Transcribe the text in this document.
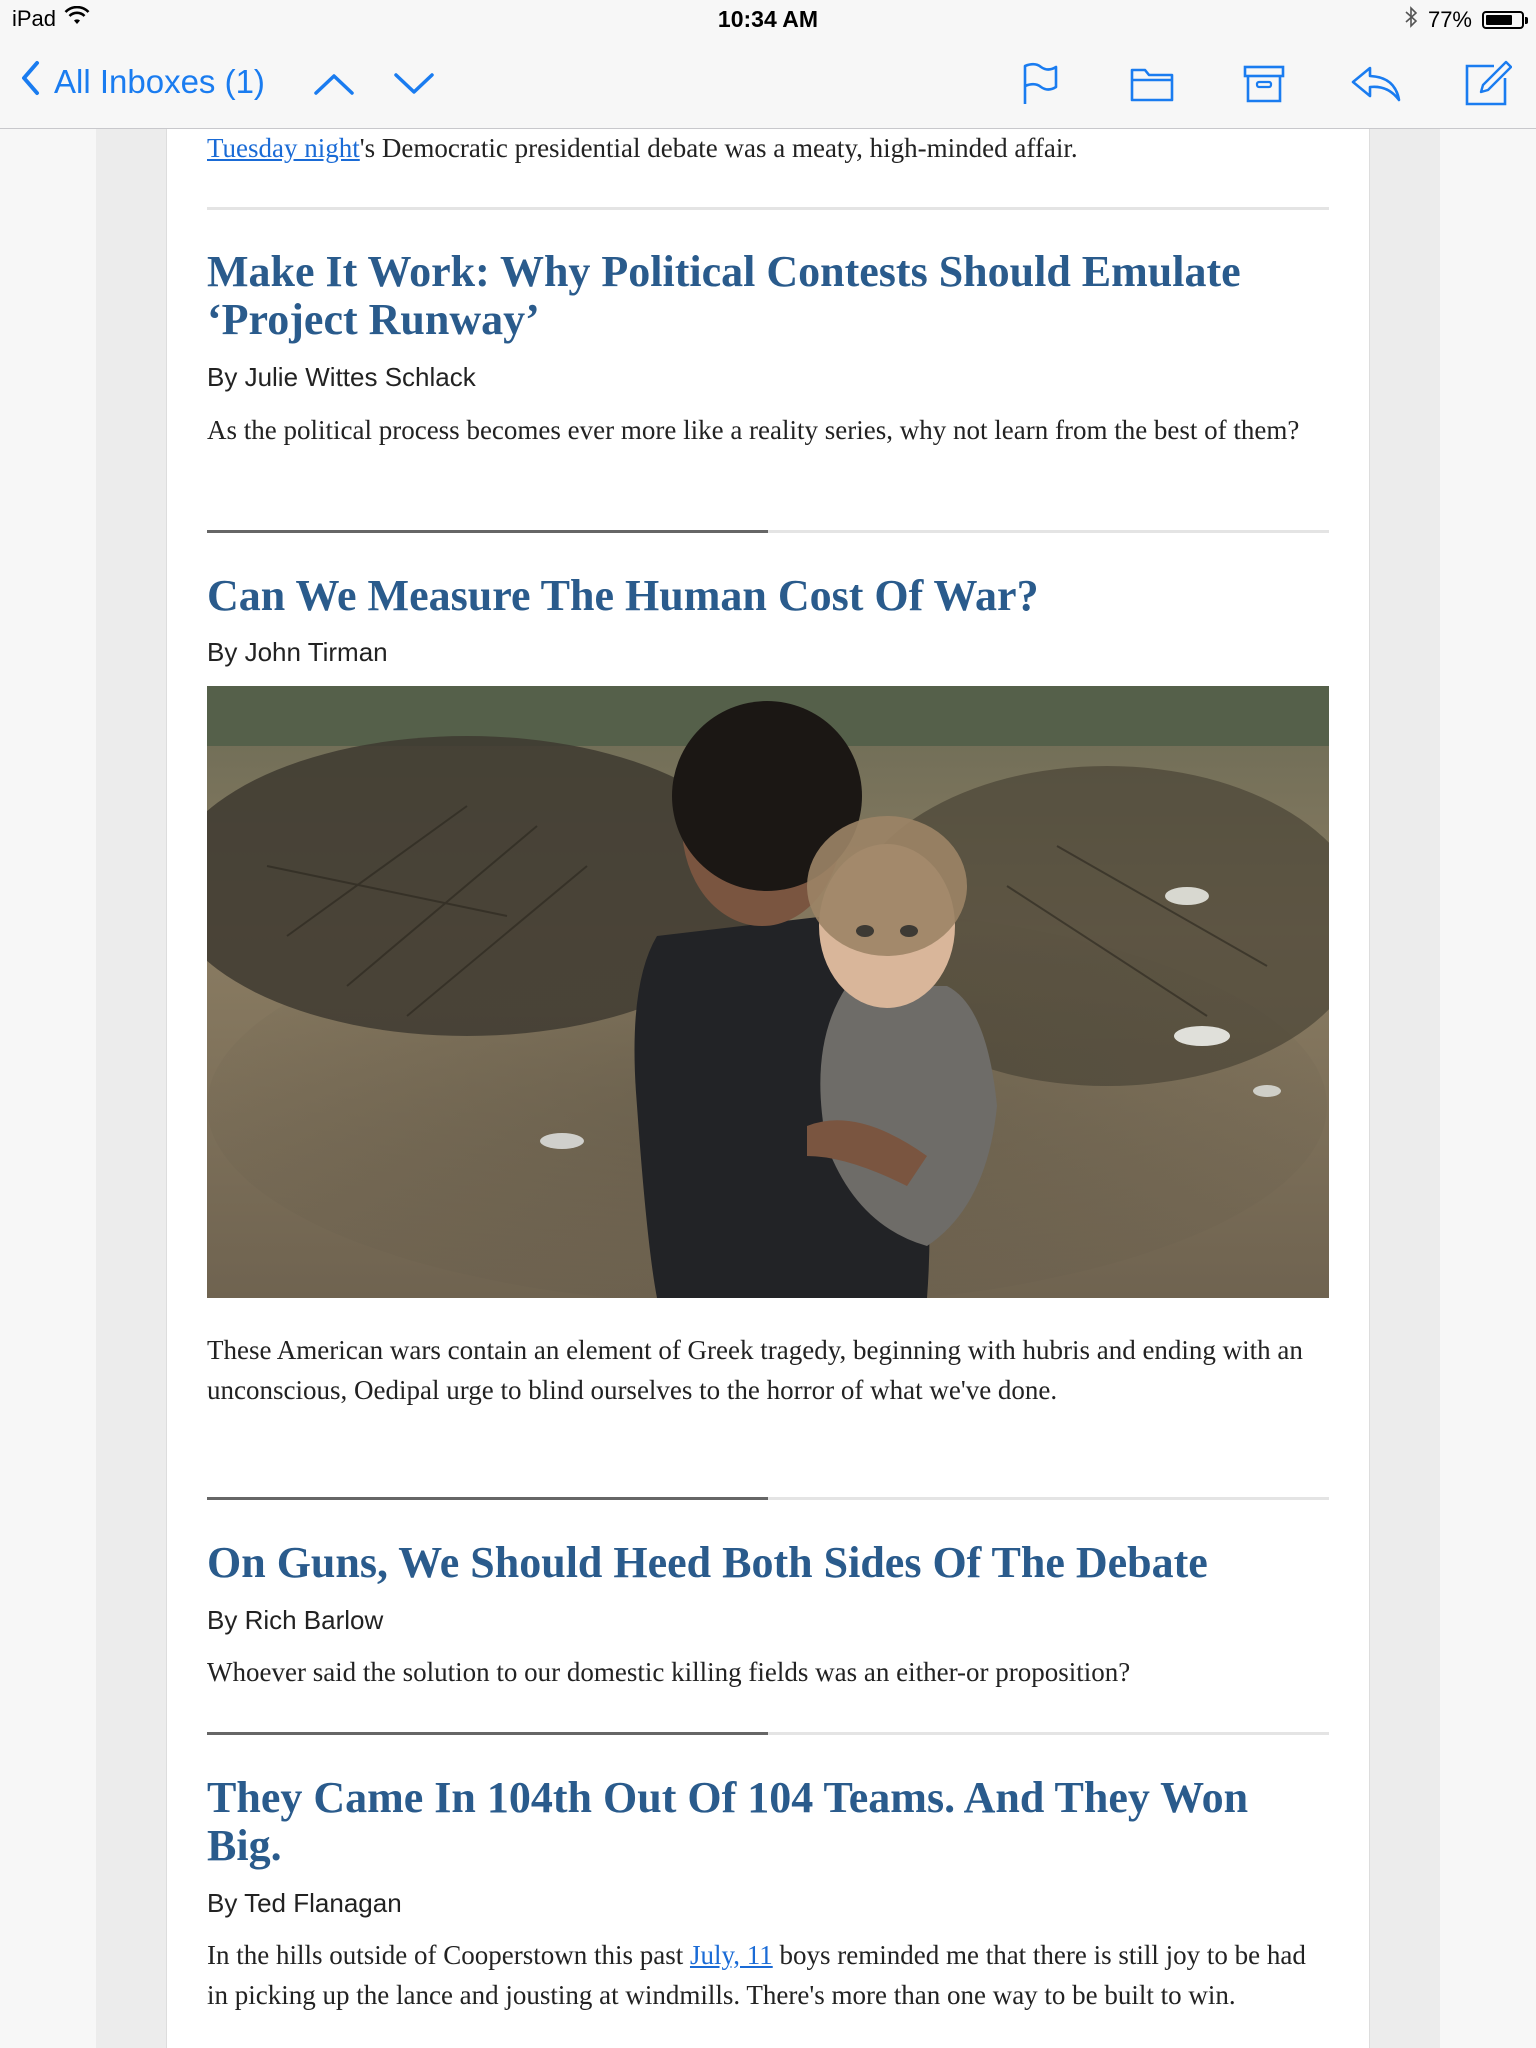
iPad	10:34 AM	77%
All Inboxes (1)
Tuesday night's Democratic presidential debate was a meaty, high-minded affair.
Make It Work: Why Political Contests Should Emulate ‘Project Runway’
By Julie Wittes Schlack
As the political process becomes ever more like a reality series, why not learn from the best of them?
Can We Measure The Human Cost Of War?
By John Tirman
These American wars contain an element of Greek tragedy, beginning with hubris and ending with an unconscious, Oedipal urge to blind ourselves to the horror of what we've done.
On Guns, We Should Heed Both Sides Of The Debate
By Rich Barlow
Whoever said the solution to our domestic killing fields was an either-or proposition?
They Came In 104th Out Of 104 Teams. And They Won Big.
By Ted Flanagan
In the hills outside of Cooperstown this past July, 11 boys reminded me that there is still joy to be had in picking up the lance and jousting at windmills. There's more than one way to be built to win.
